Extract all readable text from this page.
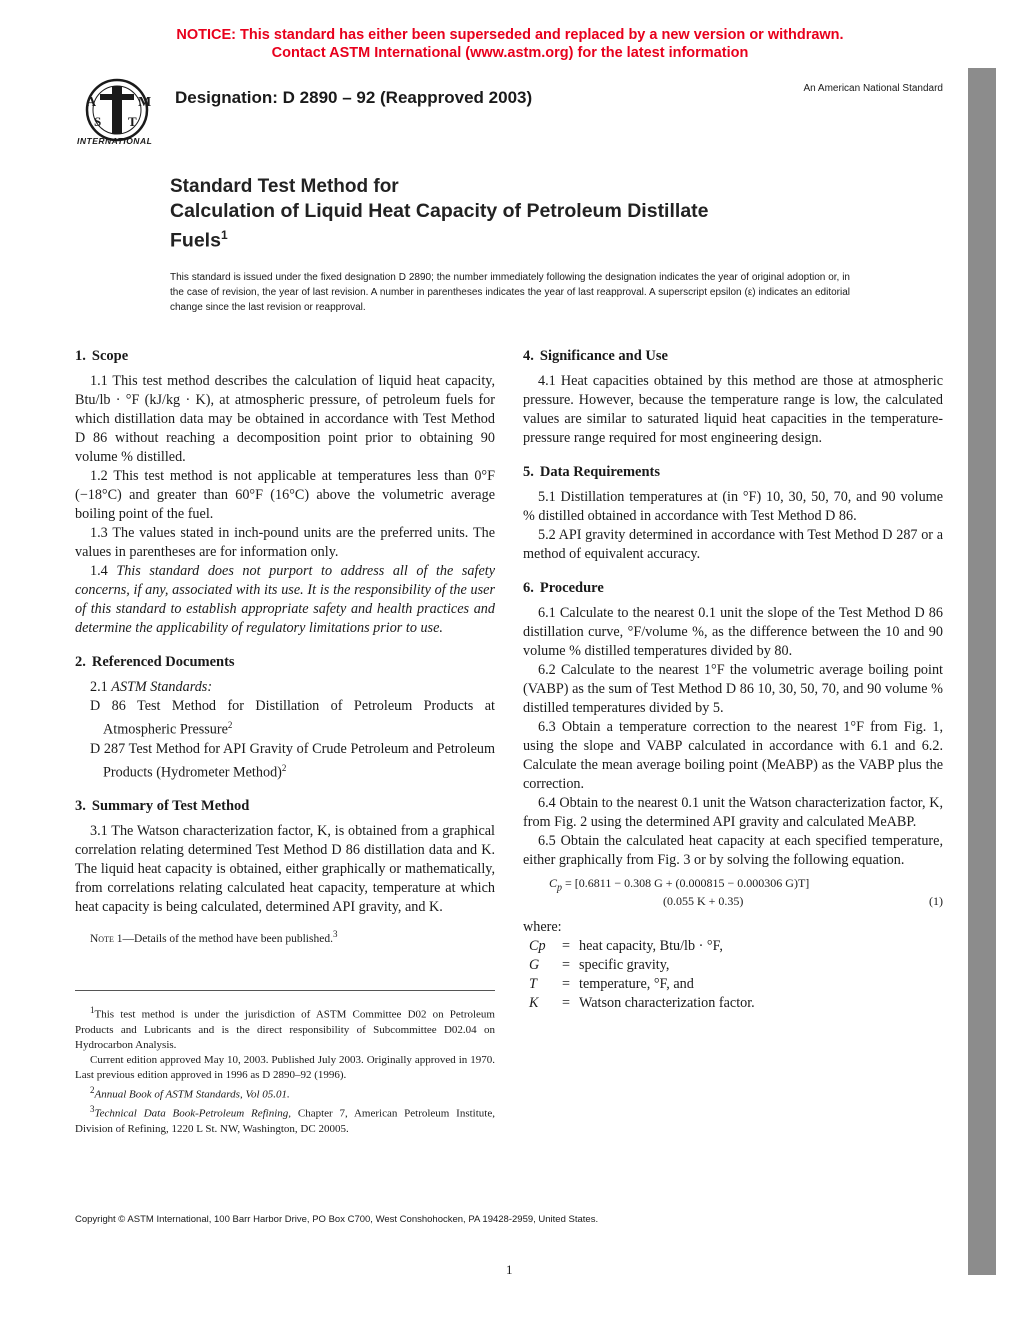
NOTICE: This standard has either been superseded and replaced by a new version or withdrawn.
Contact ASTM International (www.astm.org) for the latest information
A	M
S T
INTERNATIONAL
Designation: D 2890 – 92 (Reapproved 2003)	An American National Standard
Standard Test Method for
Calculation of Liquid Heat Capacity of Petroleum Distillate
Fuels$^1$
This standard is issued under the fixed designation D 2890; the number immediately following the designation indicates the year of original adoption or, in the case of revision, the year of last revision. A number in parentheses indicates the year of last reapproval. A superscript epsilon (ε) indicates an editorial change since the last revision or reapproval.
1. Scope

1.1 This test method describes the calculation of liquid heat capacity, Btu/lb · °F (kJ/kg · K), at atmospheric pressure, of petroleum fuels for which distillation data may be obtained in accordance with Test Method D 86 without reaching a decomposition point prior to obtaining 90 volume % distilled.

1.2 This test method is not applicable at temperatures less than 0°F (−18°C) and greater than 60°F (16°C) above the volumetric average boiling point of the fuel.

1.3 The values stated in inch-pound units are the preferred units. The values in parentheses are for information only.

1.4 This standard does not purport to address all of the safety concerns, if any, associated with its use. It is the responsibility of the user of this standard to establish appropriate safety and health practices and determine the applicability of regulatory limitations prior to use.

2. Referenced Documents

2.1 ASTM Standards:

D 86 Test Method for Distillation of Petroleum Products at Atmospheric Pressure$^2$
D 287 Test Method for API Gravity of Crude Petroleum and Petroleum Products (Hydrometer Method)$^2$
3. Summary of Test Method

3.1 The Watson characterization factor, K, is obtained from a graphical correlation relating determined Test Method D 86 distillation data and K. The liquid heat capacity is obtained, either graphically or mathematically, from correlations relating calculated heat capacity, temperature at which heat capacity is being calculated, determined API gravity, and K.

Note 1—Details of the method have been published.$^3$

4. Significance and Use

4.1 Heat capacities obtained by this method are those at atmospheric pressure. However, because the temperature range is low, the calculated values are similar to saturated liquid heat capacities in the temperature-pressure range required for most engineering design.

5. Data Requirements

5.1 Distillation temperatures at (in °F) 10, 30, 50, 70, and 90 volume % distilled obtained in accordance with Test Method D 86.

5.2 API gravity determined in accordance with Test Method D 287 or a method of equivalent accuracy.

6. Procedure

6.1 Calculate to the nearest 0.1 unit the slope of the Test Method D 86 distillation curve, °F/volume %, as the difference between the 10 and 90 volume % distilled temperatures divided by 80.

6.2 Calculate to the nearest 1°F the volumetric average boiling point (VABP) as the sum of Test Method D 86 10, 30, 50, 70, and 90 volume % distilled temperatures divided by 5.

6.3 Obtain a temperature correction to the nearest 1°F from Fig. 1, using the slope and VABP calculated in accordance with 6.1 and 6.2. Calculate the mean average boiling point (MeABP) as the VABP plus the correction.

6.4 Obtain to the nearest 0.1 unit the Watson characterization factor, K, from Fig. 2 using the determined API gravity and calculated MeABP.

6.5 Obtain the calculated heat capacity at each specified temperature, either graphically from Fig. 3 or by solving the following equation.

$C_p = [0.6811 - 0.308$ G + (0.000815 − 0.000306 G)T]
(0.055 K + 0.35)	(1)
where:
Cp	= heat capacity, Btu/lb · °F,
G	= specific gravity,
T	= temperature, °F, and
K	= Watson characterization factor.

$^1$This test method is under the jurisdiction of ASTM Committee D02 on Petroleum Products and Lubricants and is the direct responsibility of Subcommittee D02.04 on Hydrocarbon Analysis.

Current edition approved May 10, 2003. Published July 2003. Originally approved in 1970. Last previous edition approved in 1996 as D 2890–92 (1996).

$^2$Annual Book of ASTM Standards, Vol 05.01.

$^3$Technical Data Book-Petroleum Refining, Chapter 7, American Petroleum Institute, Division of Refining, 1220 L St. NW, Washington, DC 20005.

Copyright © ASTM International, 100 Barr Harbor Drive, PO Box C700, West Conshohocken, PA 19428-2959, United States.
1
